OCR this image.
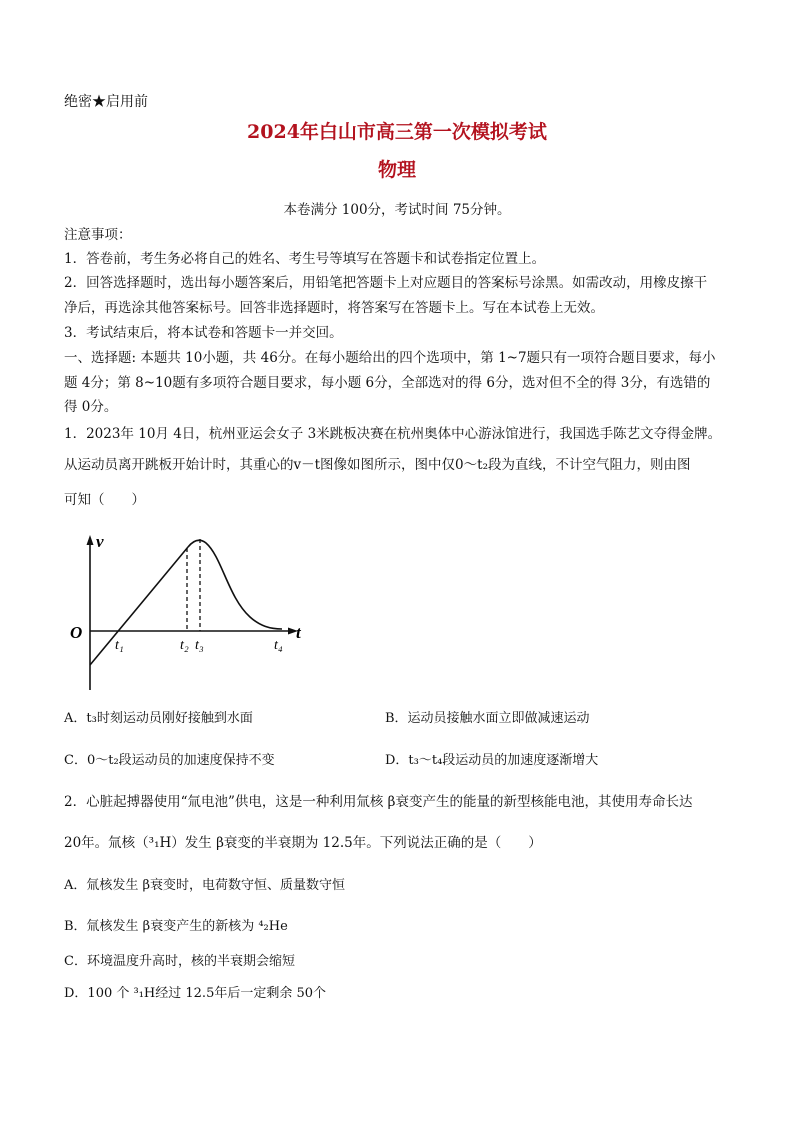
绝密★启用前
2024年白山市高三第一次模拟考试
物理
本卷满分 100分，考试时间 75分钟。
注意事项：
1．答卷前，考生务必将自己的姓名、考生号等填写在答题卡和试卷指定位置上。
2．回答选择题时，选出每小题答案后，用铅笔把答题卡上对应题目的答案标号涂黑。如需改动，用橡皮擦干
净后，再选涂其他答案标号。回答非选择题时，将答案写在答题卡上。写在本试卷上无效。
3．考试结束后，将本试卷和答题卡一并交回。
一、选择题: 本题共 10小题，共 46分。在每小题给出的四个选项中，第 1~7题只有一项符合题目要求，每小
题 4分；第 8~10题有多项符合题目要求，每小题 6分，全部选对的得 6分，选对但不全的得 3分，有选错的
得 0分。
1．2023年 10月 4日，杭州亚运会女子 3米跳板决赛在杭州奥体中心游泳馆进行，我国选手陈艺文夺得金牌。
从运动员离开跳板开始计时，其重心的v－t图像如图所示，图中仅0～t₂段为直线，不计空气阻力，则由图
可知（　　）
v
t
O
t₁	t₂ t₃	t₄
A．t₃时刻运动员刚好接触到水面	B．运动员接触水面立即做减速运动
C．0～t₂段运动员的加速度保持不变	D．t₃～t₄段运动员的加速度逐渐增大
2．心脏起搏器使用“氚电池”供电，这是一种利用氚核 β衰变产生的能量的新型核能电池，其使用寿命长达
20年。氚核（³₁H）发生 β衰变的半衰期为 12.5年。下列说法正确的是（　　）
A．氚核发生 β衰变时，电荷数守恒、质量数守恒
B．氚核发生 β衰变产生的新核为 ⁴₂He
C．环境温度升高时，核的半衰期会缩短
D．100 个 ³₁H经过 12.5年后一定剩余 50个
